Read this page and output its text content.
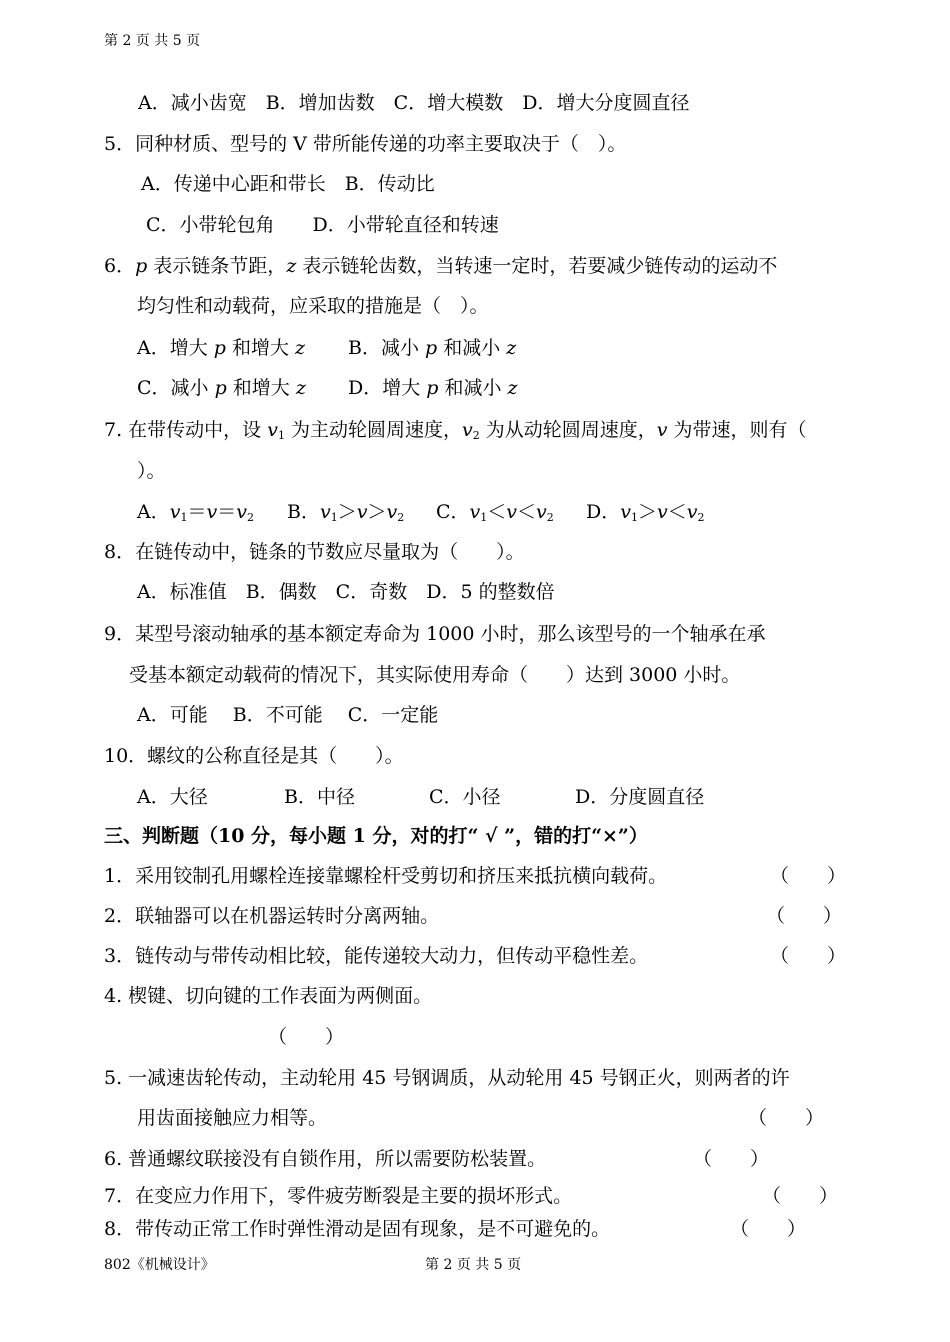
第 2 页 共 5 页
A．减小齿宽　B．增加齿数　C．增大模数　D．增大分度圆直径
5．同种材质、型号的 V 带所能传递的功率主要取决于（　）。
A．传递中心距和带长　B．传动比
C．小带轮包角　　D．小带轮直径和转速
6．p 表示链条节距，z 表示链轮齿数，当转速一定时，若要减少链传动的运动不
均匀性和动载荷，应采取的措施是（　）。
A．增大 p 和增大 z B．减小 p 和减小 z
C．减小 p 和增大 z D．增大 p 和减小 z
7. 在带传动中，设 $v_1$ 为主动轮圆周速度，$v_2$ 为从动轮圆周速度，v 为带速，则有（
）。
A．$v_1=v=v_2$ B．$v_1>v>v_2$ C．$v_1<v<v_2$ D．$v_1>v<v_2$
8．在链传动中，链条的节数应尽量取为（　　）。
A．标准值　B．偶数　C．奇数　D．5 的整数倍
9．某型号滚动轴承的基本额定寿命为 1000 小时，那么该型号的一个轴承在承
受基本额定动载荷的情况下，其实际使用寿命（　　）达到 3000 小时。
A．可能　 B．不可能　 C．一定能
10．螺纹的公称直径是其（　　）。
A．大径	B．中径	C．小径	D．分度圆直径
三、判断题（10 分，每小题 1 分，对的打“ √ ”，错的打“×”）
1．采用铰制孔用螺栓连接靠螺栓杆受剪切和挤压来抵抗横向载荷。	（　　）
2．联轴器可以在机器运转时分离两轴。	（　　）
3．链传动与带传动相比较，能传递较大动力，但传动平稳性差。	（　　）
4. 楔键、切向键的工作表面为两侧面。
（　　）
5. 一减速齿轮传动，主动轮用 45 号钢调质，从动轮用 45 号钢正火，则两者的许
用齿面接触应力相等。	（　　）
6. 普通螺纹联接没有自锁作用，所以需要防松装置。	（　　）
7．在变应力作用下，零件疲劳断裂是主要的损坏形式。	（　　）
8．带传动正常工作时弹性滑动是固有现象，是不可避免的。	（　　）
802《机械设计》	第 2 页 共 5 页
